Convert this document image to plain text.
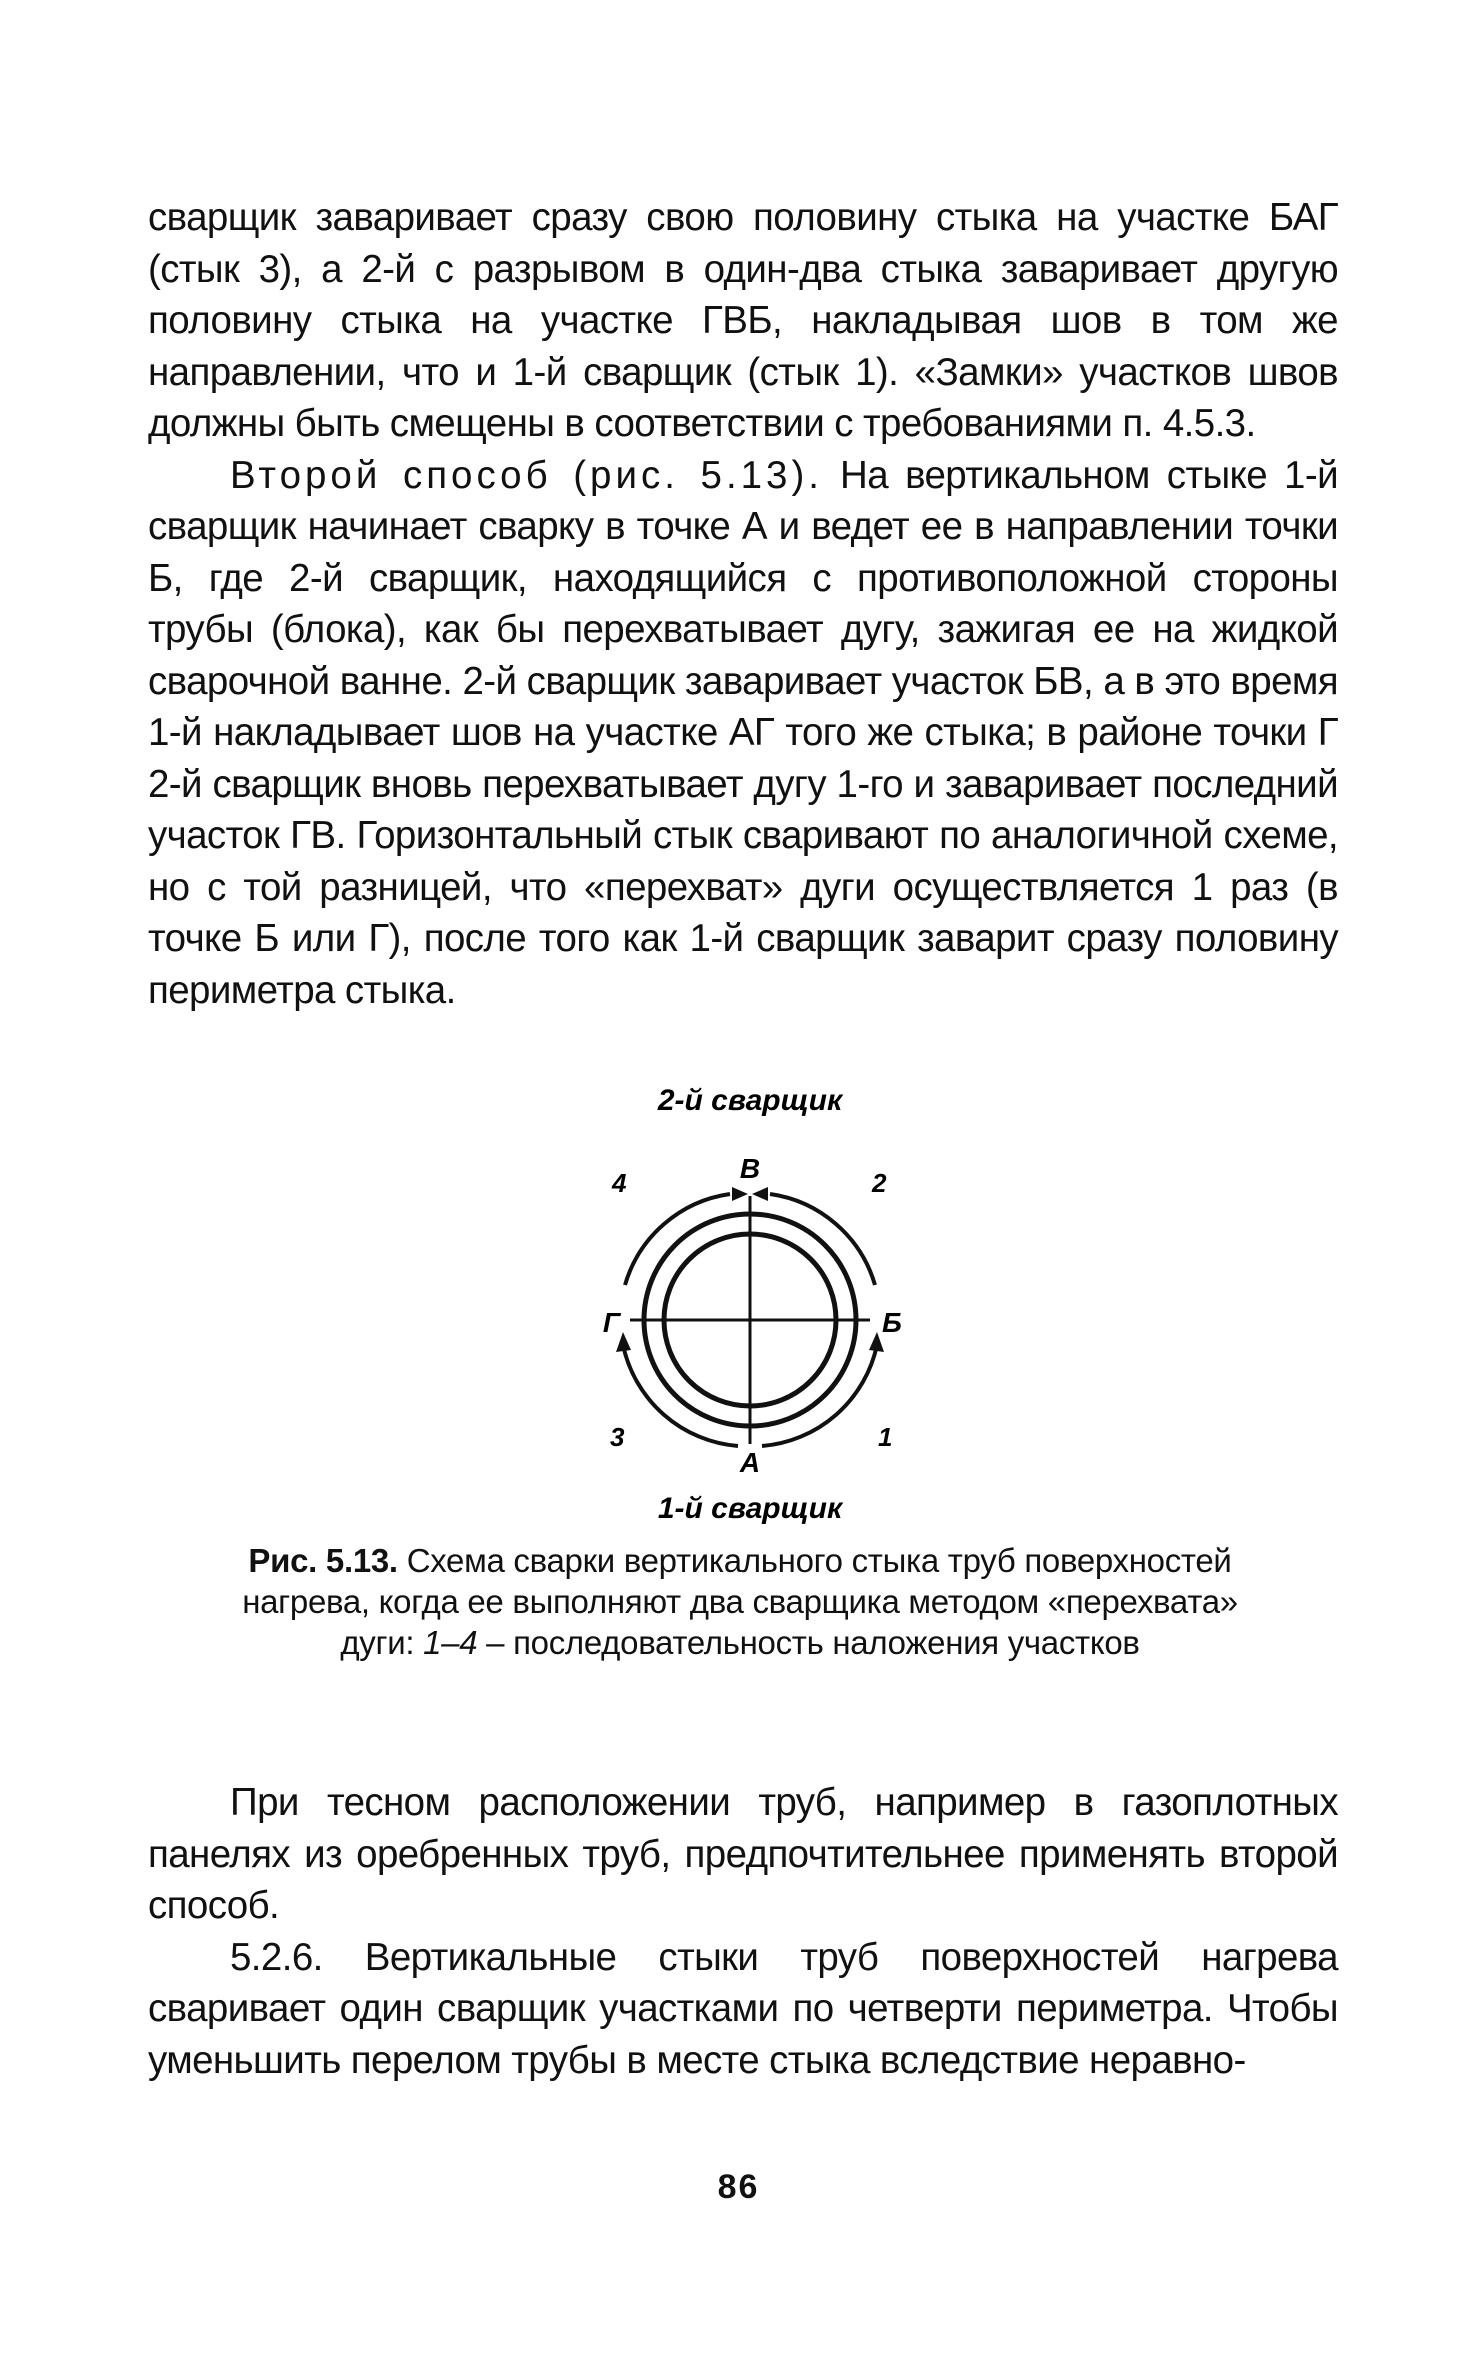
сварщик заваривает сразу свою половину стыка на участке БАГ (стык 3), а 2-й с разрывом в один-два стыка заваривает другую половину стыка на участке ГВБ, накладывая шов в том же направлении, что и 1-й сварщик (стык 1). «Замки» участков швов должны быть смещены в соответствии с требованиями п. 4.5.3.

Второй способ (рис. 5.13). На вертикальном стыке 1-й сварщик начинает сварку в точке А и ведет ее в направлении точки Б, где 2-й сварщик, находящийся с противоположной стороны трубы (блока), как бы перехватывает дугу, зажигая ее на жидкой сварочной ванне. 2-й сварщик заваривает участок БВ, а в это время 1-й накладывает шов на участке АГ того же стыка; в районе точки Г 2-й сварщик вновь перехватывает дугу 1-го и заваривает последний участок ГВ. Горизонтальный стык сваривают по аналогичной схеме, но с той разницей, что «перехват» дуги осуществляется 1 раз (в точке Б или Г), после того как 1-й сварщик заварит сразу половину периметра стыка.

2-й сварщик
В
А
Г	Б
4	2
3	1
1-й сварщик
Рис. 5.13. Схема сварки вертикального стыка труб поверхностей нагрева, когда ее выполняют два сварщика методом «перехвата» дуги: 1–4 – последовательность наложения участков

При тесном расположении труб, например в газоплотных панелях из оребренных труб, предпочтительнее применять второй способ.

5.2.6. Вертикальные стыки труб поверхностей нагрева сваривает один сварщик участками по четверти периметра. Чтобы уменьшить перелом трубы в месте стыка вследствие неравно-

86
